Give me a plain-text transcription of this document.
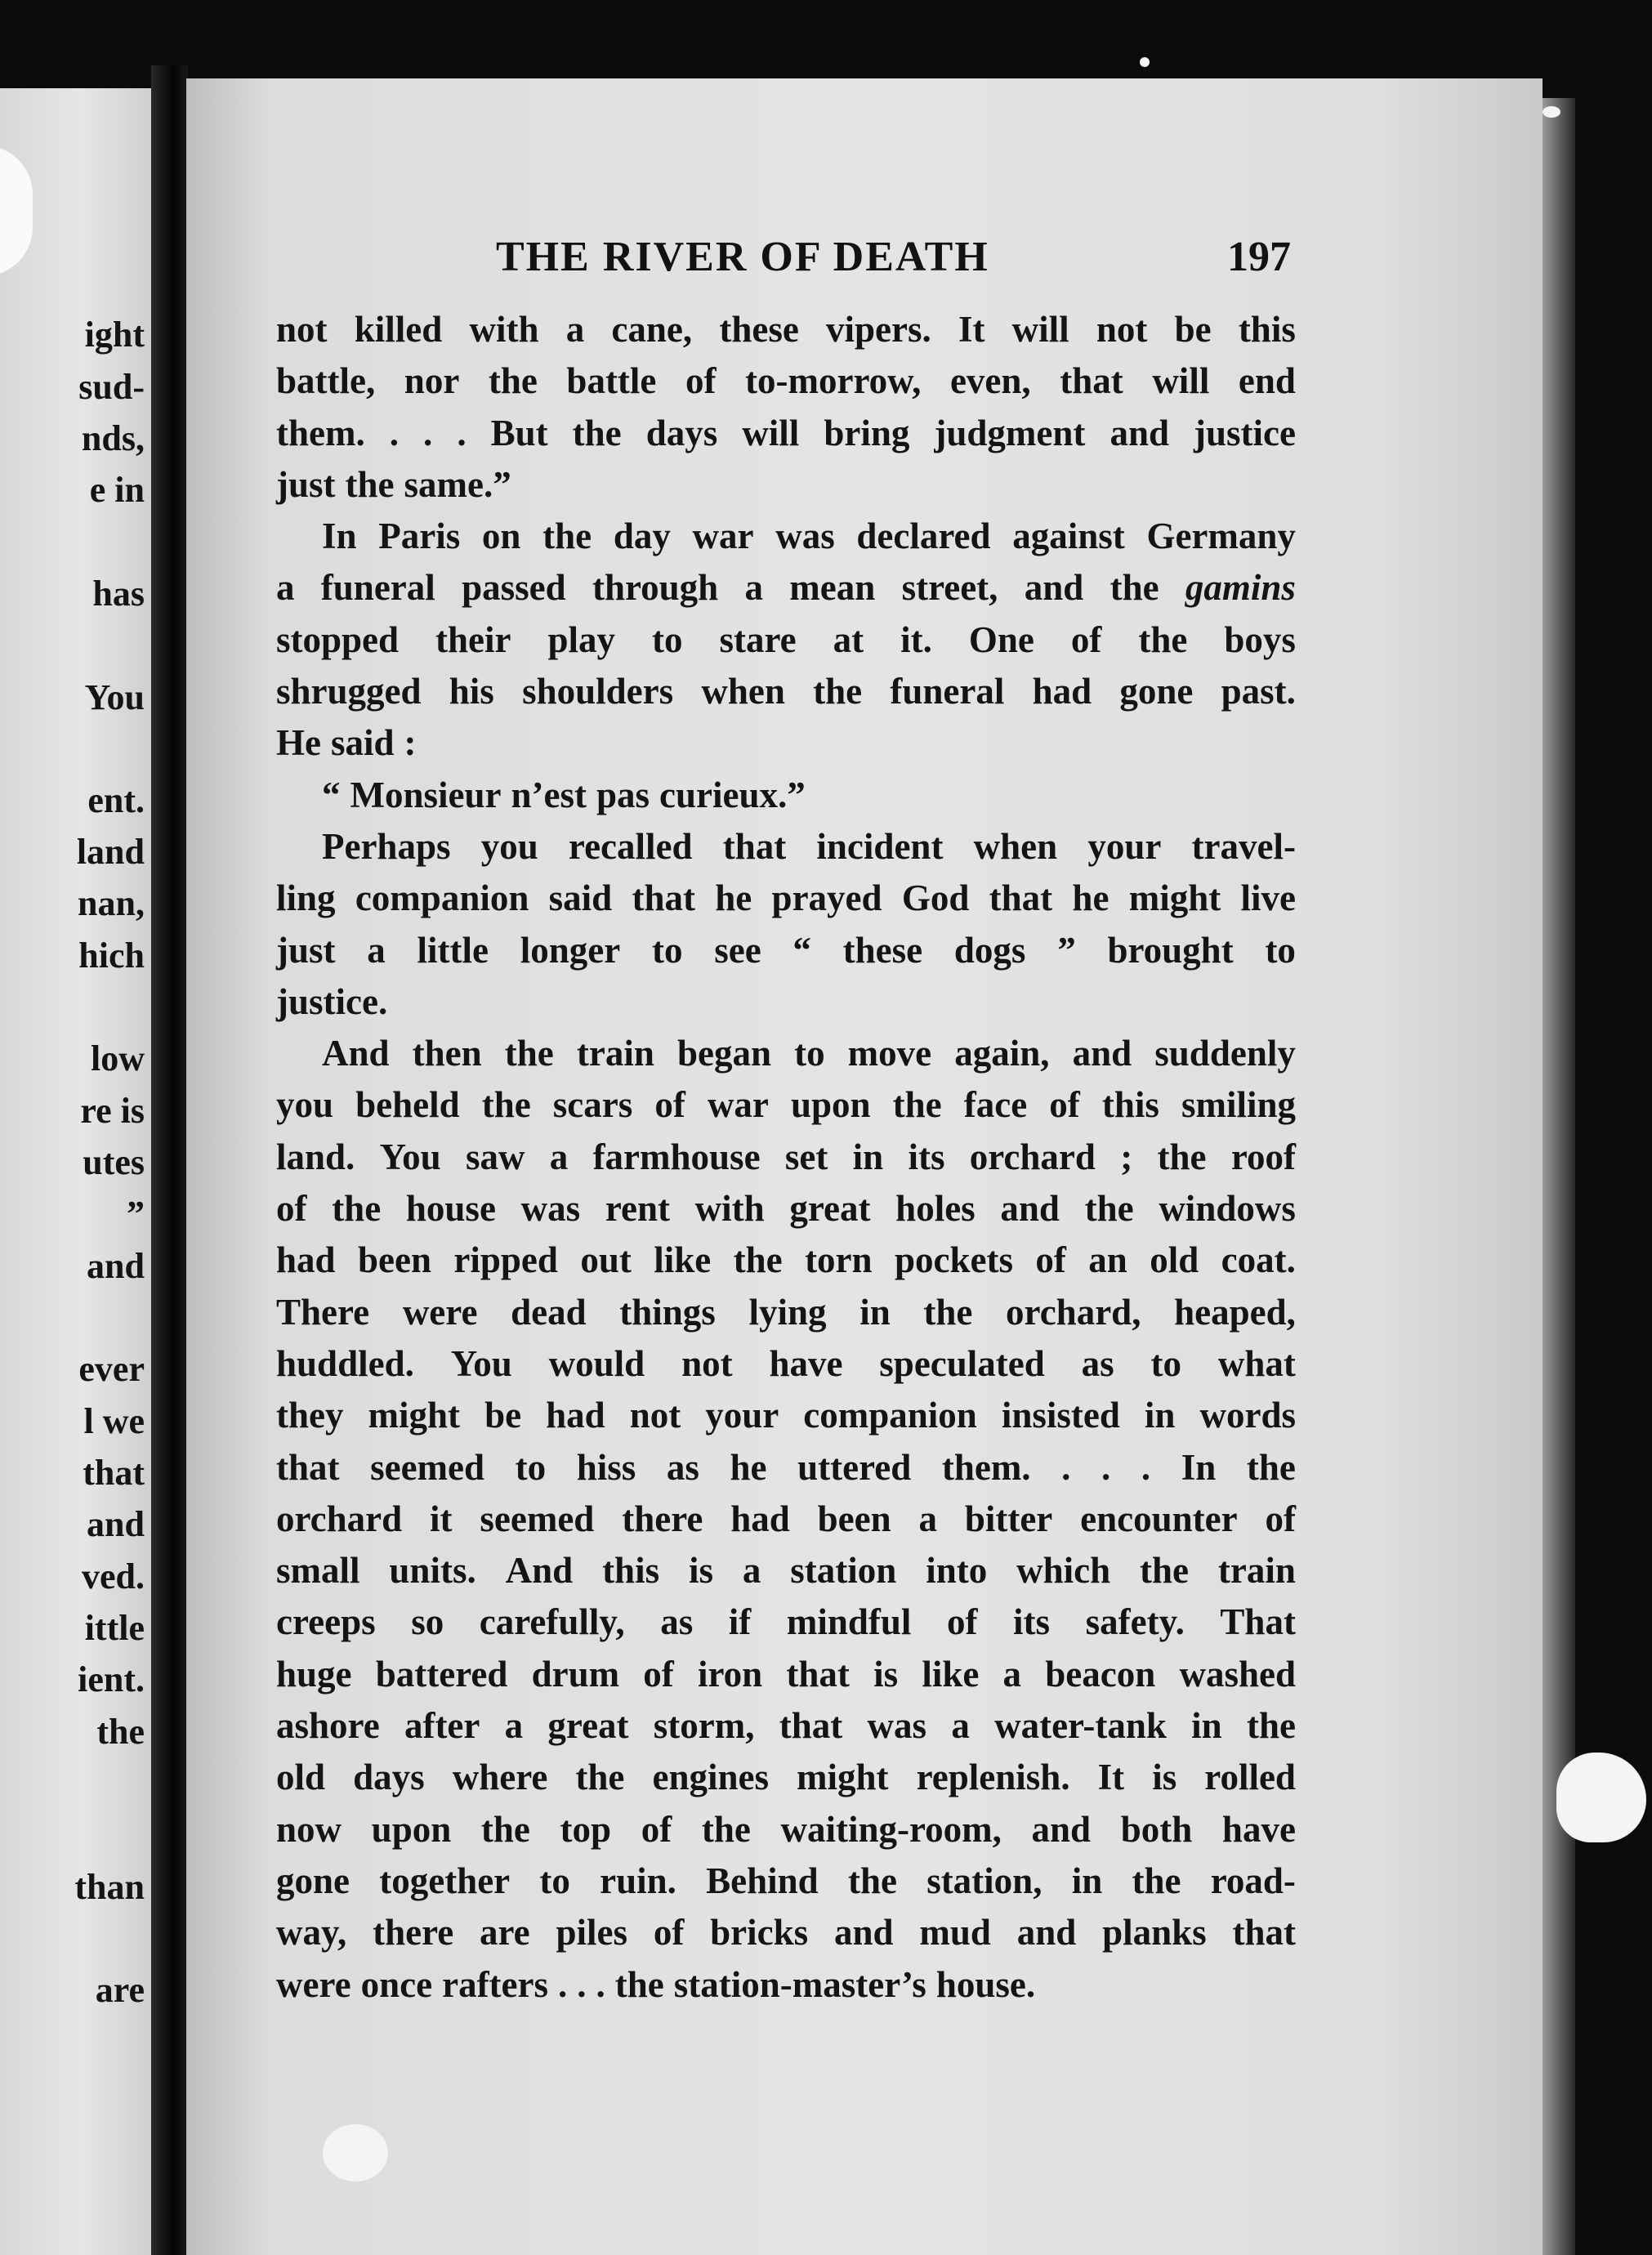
ight
sud-
nds,
e in
has
You
ent.
land
nan,
hich
low
re is
utes
”
and
ever
l we
that
and
ved.
ittle
ient.
the
than
are
THE RIVER OF DEATH	197
not killed with a cane, these vipers. It will not be this
battle, nor the battle of to-morrow, even, that will end
them. . . . But the days will bring judgment and justice
just the same.”
In Paris on the day war was declared against Germany
a funeral passed through a mean street, and the gamins
stopped their play to stare at it. One of the boys
shrugged his shoulders when the funeral had gone past.
He said :
“ Monsieur n’est pas curieux.”
Perhaps you recalled that incident when your travel-
ling companion said that he prayed God that he might live
just a little longer to see “ these dogs ” brought to
justice.
And then the train began to move again, and suddenly
you beheld the scars of war upon the face of this smiling
land. You saw a farmhouse set in its orchard ; the roof
of the house was rent with great holes and the windows
had been ripped out like the torn pockets of an old coat.
There were dead things lying in the orchard, heaped,
huddled. You would not have speculated as to what
they might be had not your companion insisted in words
that seemed to hiss as he uttered them. . . . In the
orchard it seemed there had been a bitter encounter of
small units. And this is a station into which the train
creeps so carefully, as if mindful of its safety. That
huge battered drum of iron that is like a beacon washed
ashore after a great storm, that was a water-tank in the
old days where the engines might replenish. It is rolled
now upon the top of the waiting-room, and both have
gone together to ruin. Behind the station, in the road-
way, there are piles of bricks and mud and planks that
were once rafters . . . the station-master’s house.
